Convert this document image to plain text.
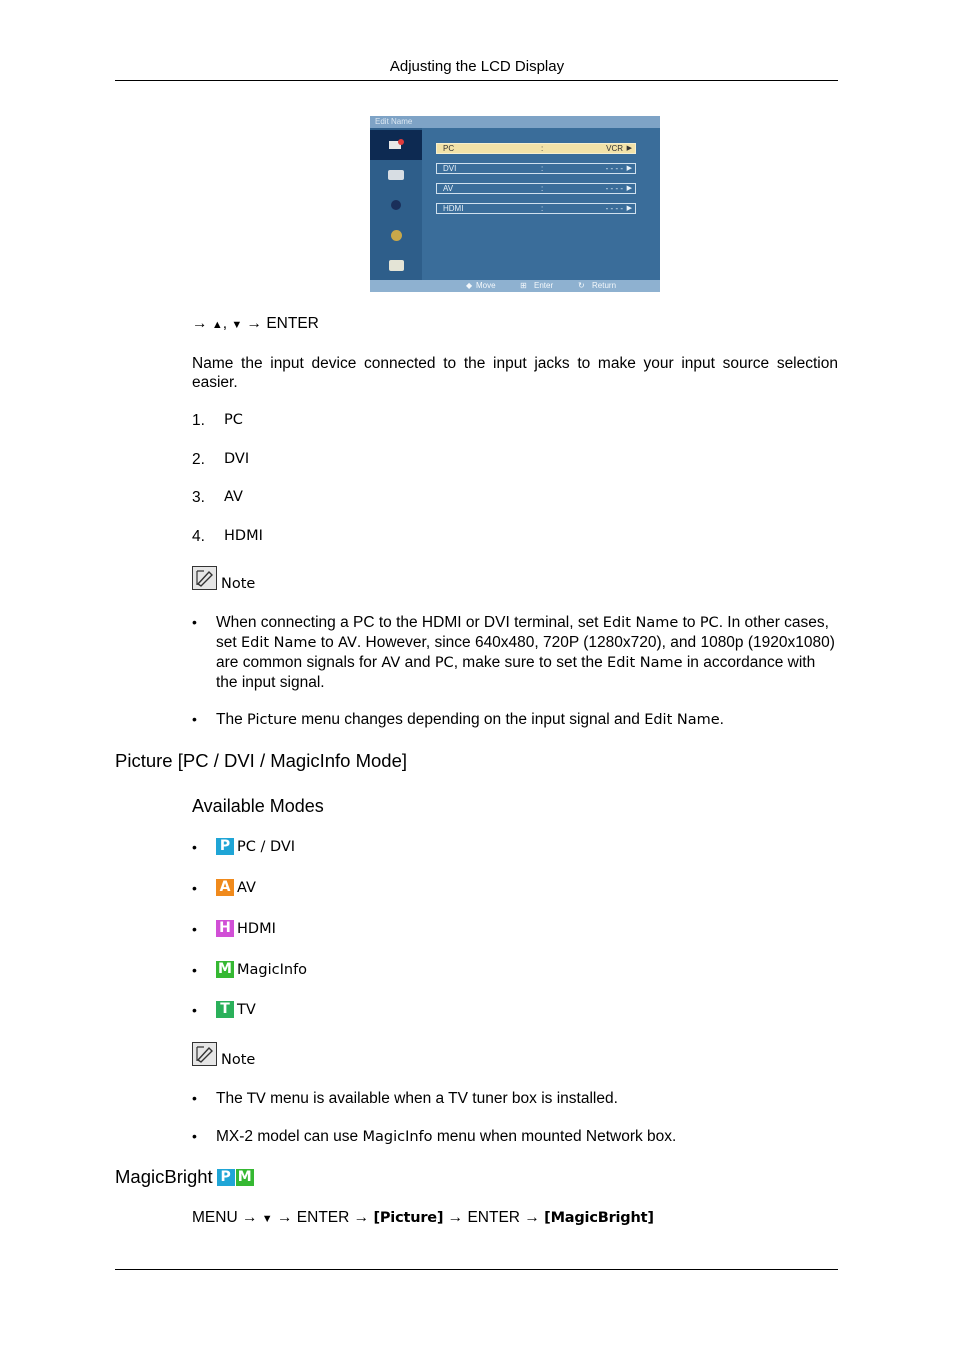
Adjusting the LCD Display
Edit Name
PC	:	VCR ▶
DVI	:	- - - - ▶
AV	:	- - - - ▶
HDMI	:	- - - - ▶
◆ Move	⊞ Enter	↻ Return
→ ▲, ▼ → ENTER
Name the input device connected to the input jacks to make your input source selection easier.
1. PC
2. DVI
3. AV
4. HDMI
Note
• When connecting a PC to the HDMI or DVI terminal, set Edit Name to PC. In other cases,
set Edit Name to AV. However, since 640x480, 720P (1280x720), and 1080p (1920x1080)
are common signals for AV and PC, make sure to set the Edit Name in accordance with
the input signal.
• The Picture menu changes depending on the input signal and Edit Name.
Picture [PC / DVI / MagicInfo Mode]
Available Modes
• P PC / DVI
• A AV
• H HDMI
• M MagicInfo
•	T TV
Note
• The TV menu is available when a TV tuner box is installed.
• MX-2 model can use MagicInfo menu when mounted Network box.
MagicBright P M
MENU → ▼ → ENTER → [Picture] → ENTER → [MagicBright]
